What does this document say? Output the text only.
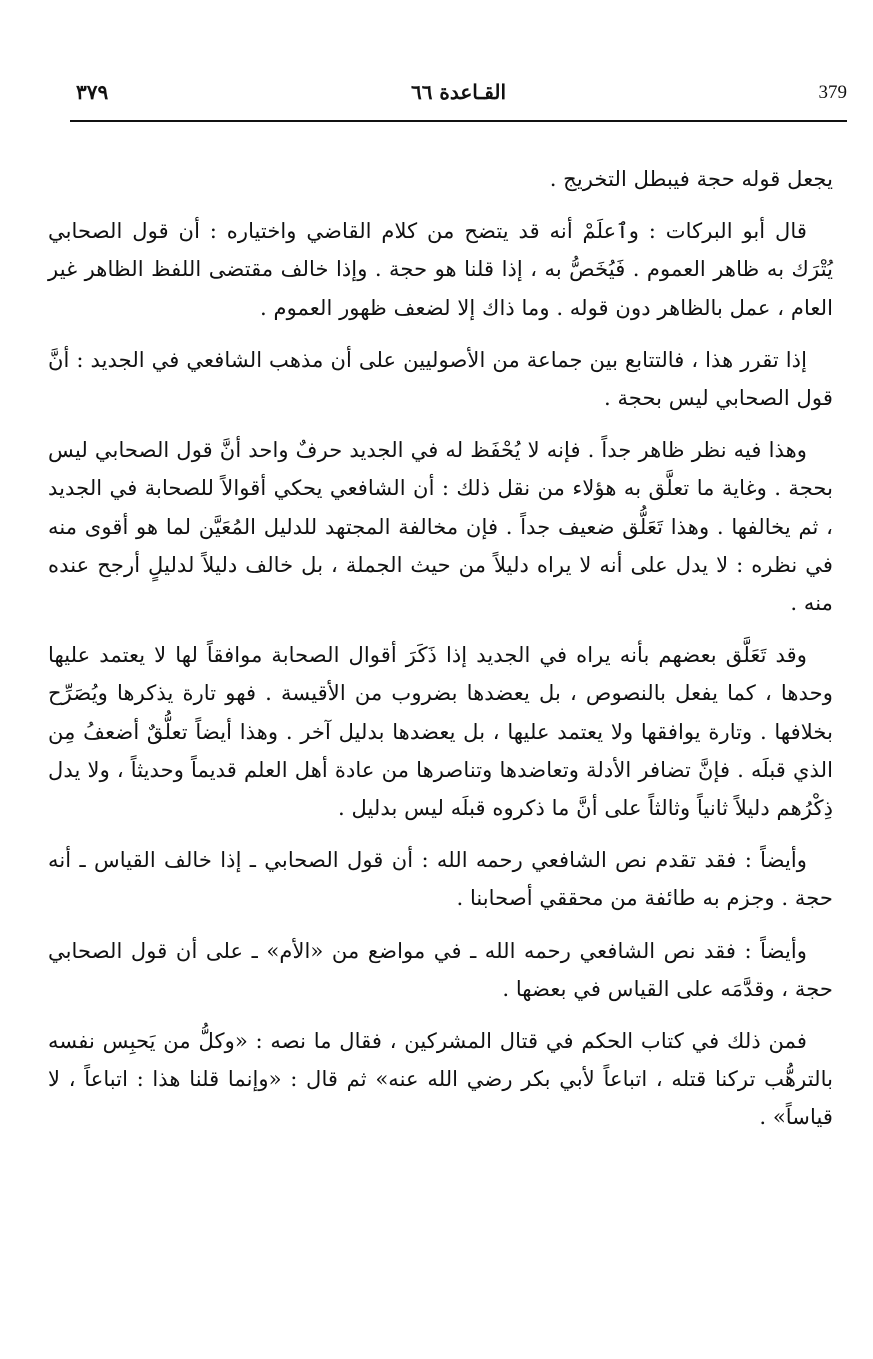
٣٧٩	القـاعدة ٦٦	379

يجعل قوله حجة فيبطل التخريج .

قال أبو البركات : وٱعلَمْ أنه قد يتضح من كلام القاضي واختياره : أن قول الصحابي يُتْرَك به ظاهر العموم . فَيُخَصُّ به ، إذا قلنا هو حجة . وإذا خالف مقتضى اللفظ الظاهر غير العام ، عمل بالظاهر دون قوله . وما ذاك إلا لضعف ظهور العموم .

إذا تقرر هذا ، فالتتابع بين جماعة من الأصوليين على أن مذهب الشافعي في الجديد : أنَّ قول الصحابي ليس بحجة .

وهذا فيه نظر ظاهر جداً . فإنه لا يُحْفَظ له في الجديد حرفٌ واحد أنَّ قول الصحابي ليس بحجة . وغاية ما تعلَّق به هؤلاء من نقل ذلك : أن الشافعي يحكي أقوالاً للصحابة في الجديد ، ثم يخالفها . وهذا تَعَلُّق ضعيف جداً . فإن مخالفة المجتهد للدليل المُعَيَّن لما هو أقوى منه في نظره : لا يدل على أنه لا يراه دليلاً من حيث الجملة ، بل خالف دليلاً لدليلٍ أرجح عنده منه .

وقد تَعَلَّق بعضهم بأنه يراه في الجديد إذا ذَكَرَ أقوال الصحابة موافقاً لها لا يعتمد عليها وحدها ، كما يفعل بالنصوص ، بل يعضدها بضروب من الأقيسة . فهو تارة يذكرها ويُصَرِّح بخلافها . وتارة يوافقها ولا يعتمد عليها ، بل يعضدها بدليل آخر . وهذا أيضاً تعلُّقٌ أضعفُ مِن الذي قبلَه . فإنَّ تضافر الأدلة وتعاضدها وتناصرها من عادة أهل العلم قديماً وحديثاً ، ولا يدل ذِكْرُهم دليلاً ثانياً وثالثاً على أنَّ ما ذكروه قبلَه ليس بدليل .

وأيضاً : فقد تقدم نص الشافعي رحمه الله : أن قول الصحابي ـ إذا خالف القياس ـ أنه حجة . وجزم به طائفة من محققي أصحابنا .

وأيضاً : فقد نص الشافعي رحمه الله ـ في مواضع من «الأم» ـ على أن قول الصحابي حجة ، وقدَّمَه على القياس في بعضها .

فمن ذلك في كتاب الحكم في قتال المشركين ، فقال ما نصه : «وكلُّ من يَحبِس نفسه بالترهُّب تركنا قتله ، اتباعاً لأبي بكر رضي الله عنه» ثم قال : «وإنما قلنا هذا : اتباعاً ، لا قياساً» .
